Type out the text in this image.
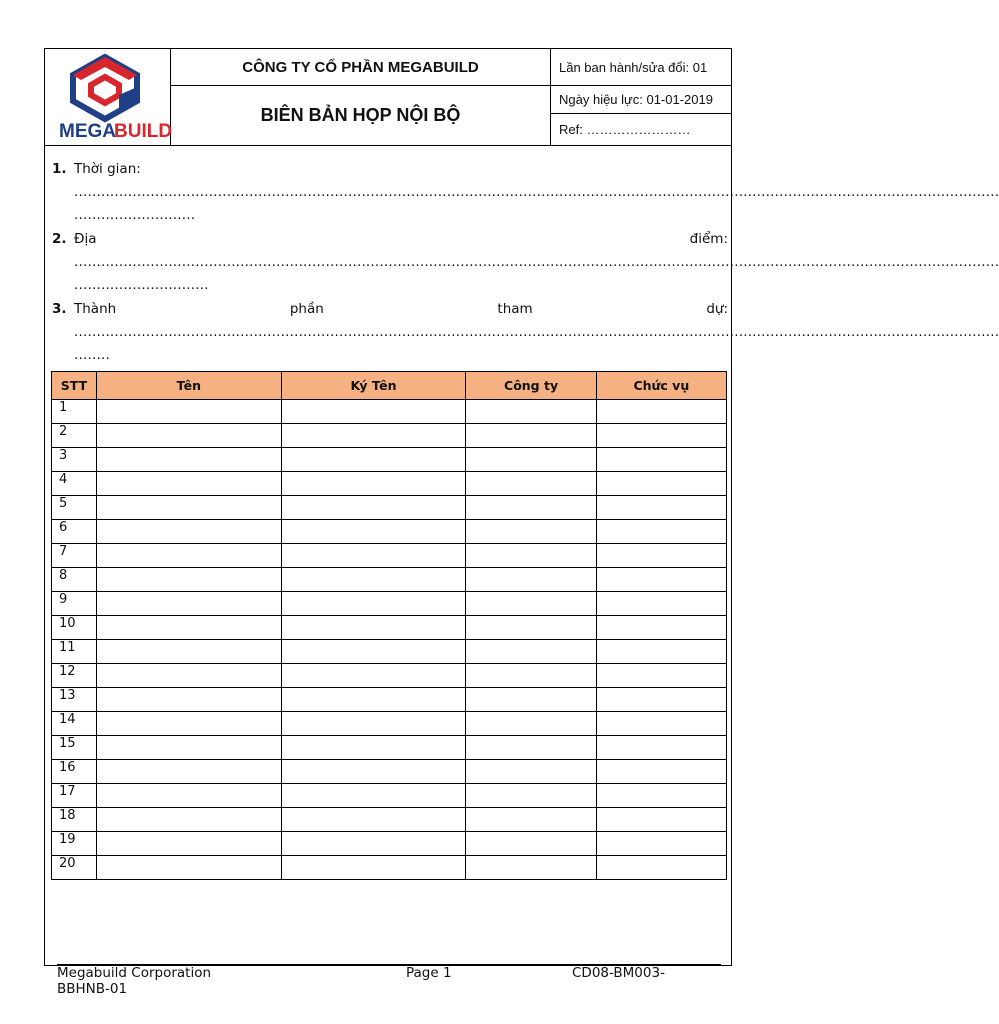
MEGA
BUILD
CÔNG TY CỔ PHẦN MEGABUILD
BIÊN BẢN HỌP NỘI BỘ
Lần ban hành/sửa đổi: 01
Ngày hiệu lực: 01-01-2019
Ref: ……………………
1. Thời gian:
..............................................................................................................................................................................................................
...........................
2. Địa	điểm:
..............................................................................................................................................................................................................
..............................
3. Thành	phần	tham	dự:
..............................................................................................................................................................................................................
........
STT	Tên	Ký Tên	Công ty	Chức vụ
1				
2				
3				
4				
5				
6				
7				
8				
9				
10				
11				
12				
13				
14				
15				
16				
17				
18				
19				
20				
Megabuild Corporation	Page 1	CD08-BM003-
BBHNB-01
